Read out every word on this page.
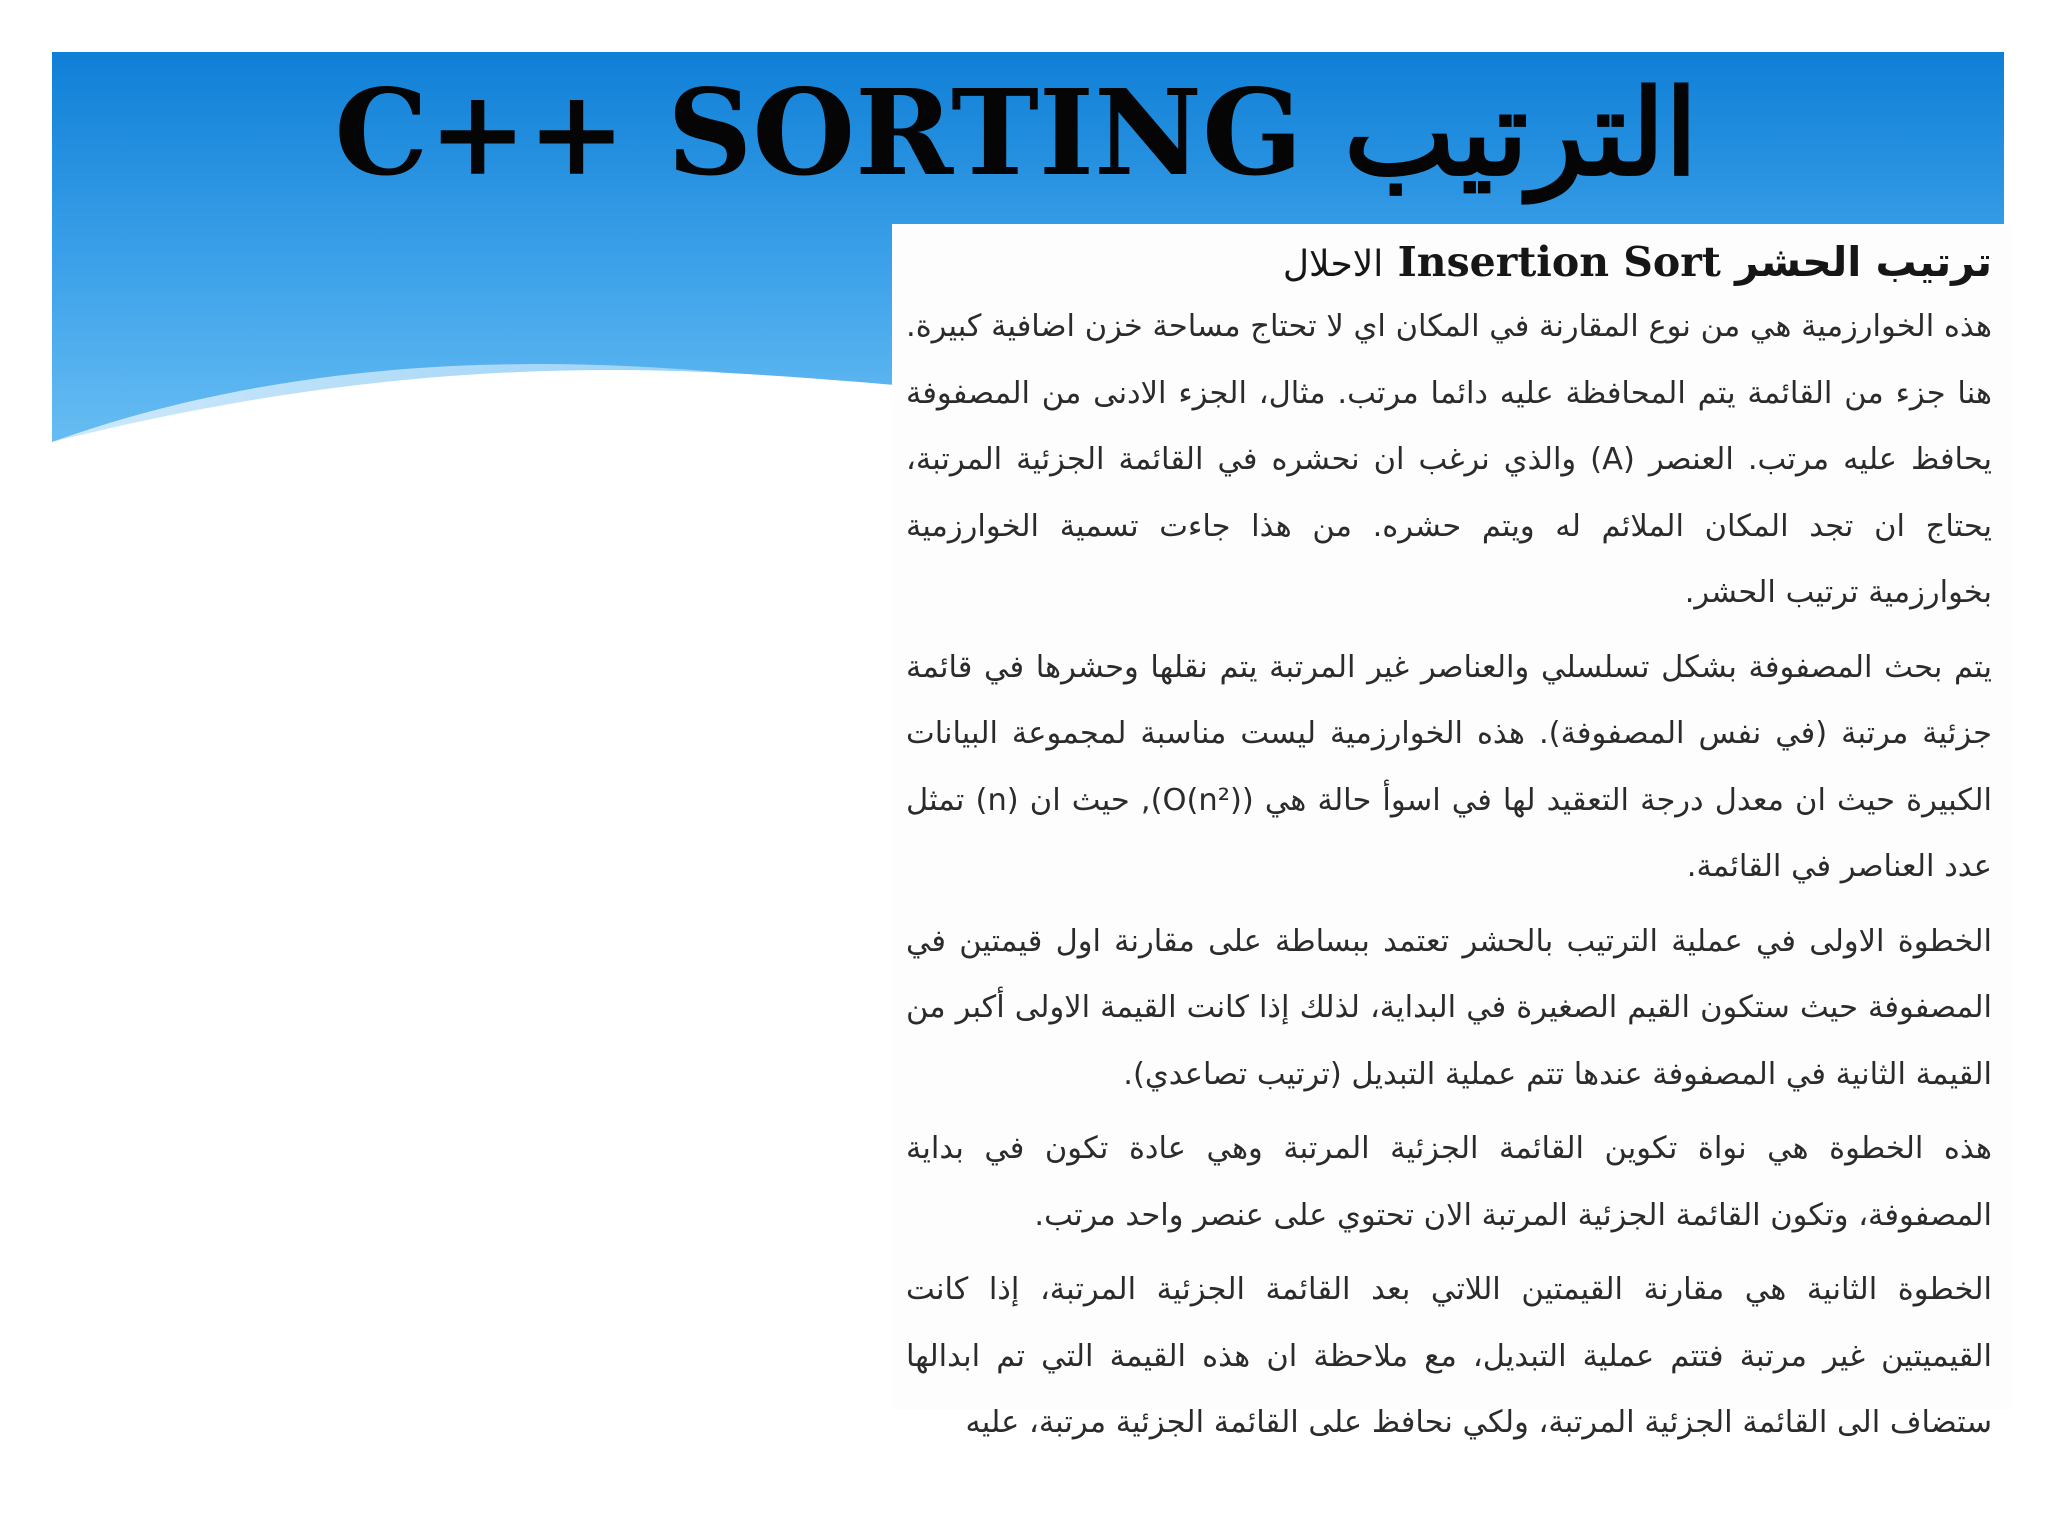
C++ SORTING الترتيب
ترتيب الحشر Insertion Sort الاحلال

هذه الخوارزمية هي من نوع المقارنة في المكان اي لا تحتاج مساحة خزن اضافية كبيرة. هنا جزء من القائمة يتم المحافظة عليه دائما مرتب. مثال، الجزء الادنى من المصفوفة يحافظ عليه مرتب. العنصر (A) والذي نرغب ان نحشره في القائمة الجزئية المرتبة، يحتاج ان تجد المكان الملائم له ويتم حشره. من هذا جاءت تسمية الخوارزمية بخوارزمية ترتيب الحشر.

يتم بحث المصفوفة بشكل تسلسلي والعناصر غير المرتبة يتم نقلها وحشرها في قائمة جزئية مرتبة (في نفس المصفوفة). هذه الخوارزمية ليست مناسبة لمجموعة البيانات الكبيرة حيث ان معدل درجة التعقيد لها في اسوأ حالة هي (O(n²)), حيث ان (n) تمثل عدد العناصر في القائمة.

الخطوة الاولى في عملية الترتيب بالحشر تعتمد ببساطة على مقارنة اول قيمتين في المصفوفة حيث ستكون القيم الصغيرة في البداية، لذلك إذا كانت القيمة الاولى أكبر من القيمة الثانية في المصفوفة عندها تتم عملية التبديل (ترتيب تصاعدي).

هذه الخطوة هي نواة تكوين القائمة الجزئية المرتبة وهي عادة تكون في بداية المصفوفة، وتكون القائمة الجزئية المرتبة الان تحتوي على عنصر واحد مرتب.

الخطوة الثانية هي مقارنة القيمتين اللاتي بعد القائمة الجزئية المرتبة، إذا كانت القيميتين غير مرتبة فتتم عملية التبديل، مع ملاحظة ان هذه القيمة التي تم ابدالها ستضاف الى القائمة الجزئية المرتبة، ولكي نحافظ على القائمة الجزئية مرتبة، عليه
